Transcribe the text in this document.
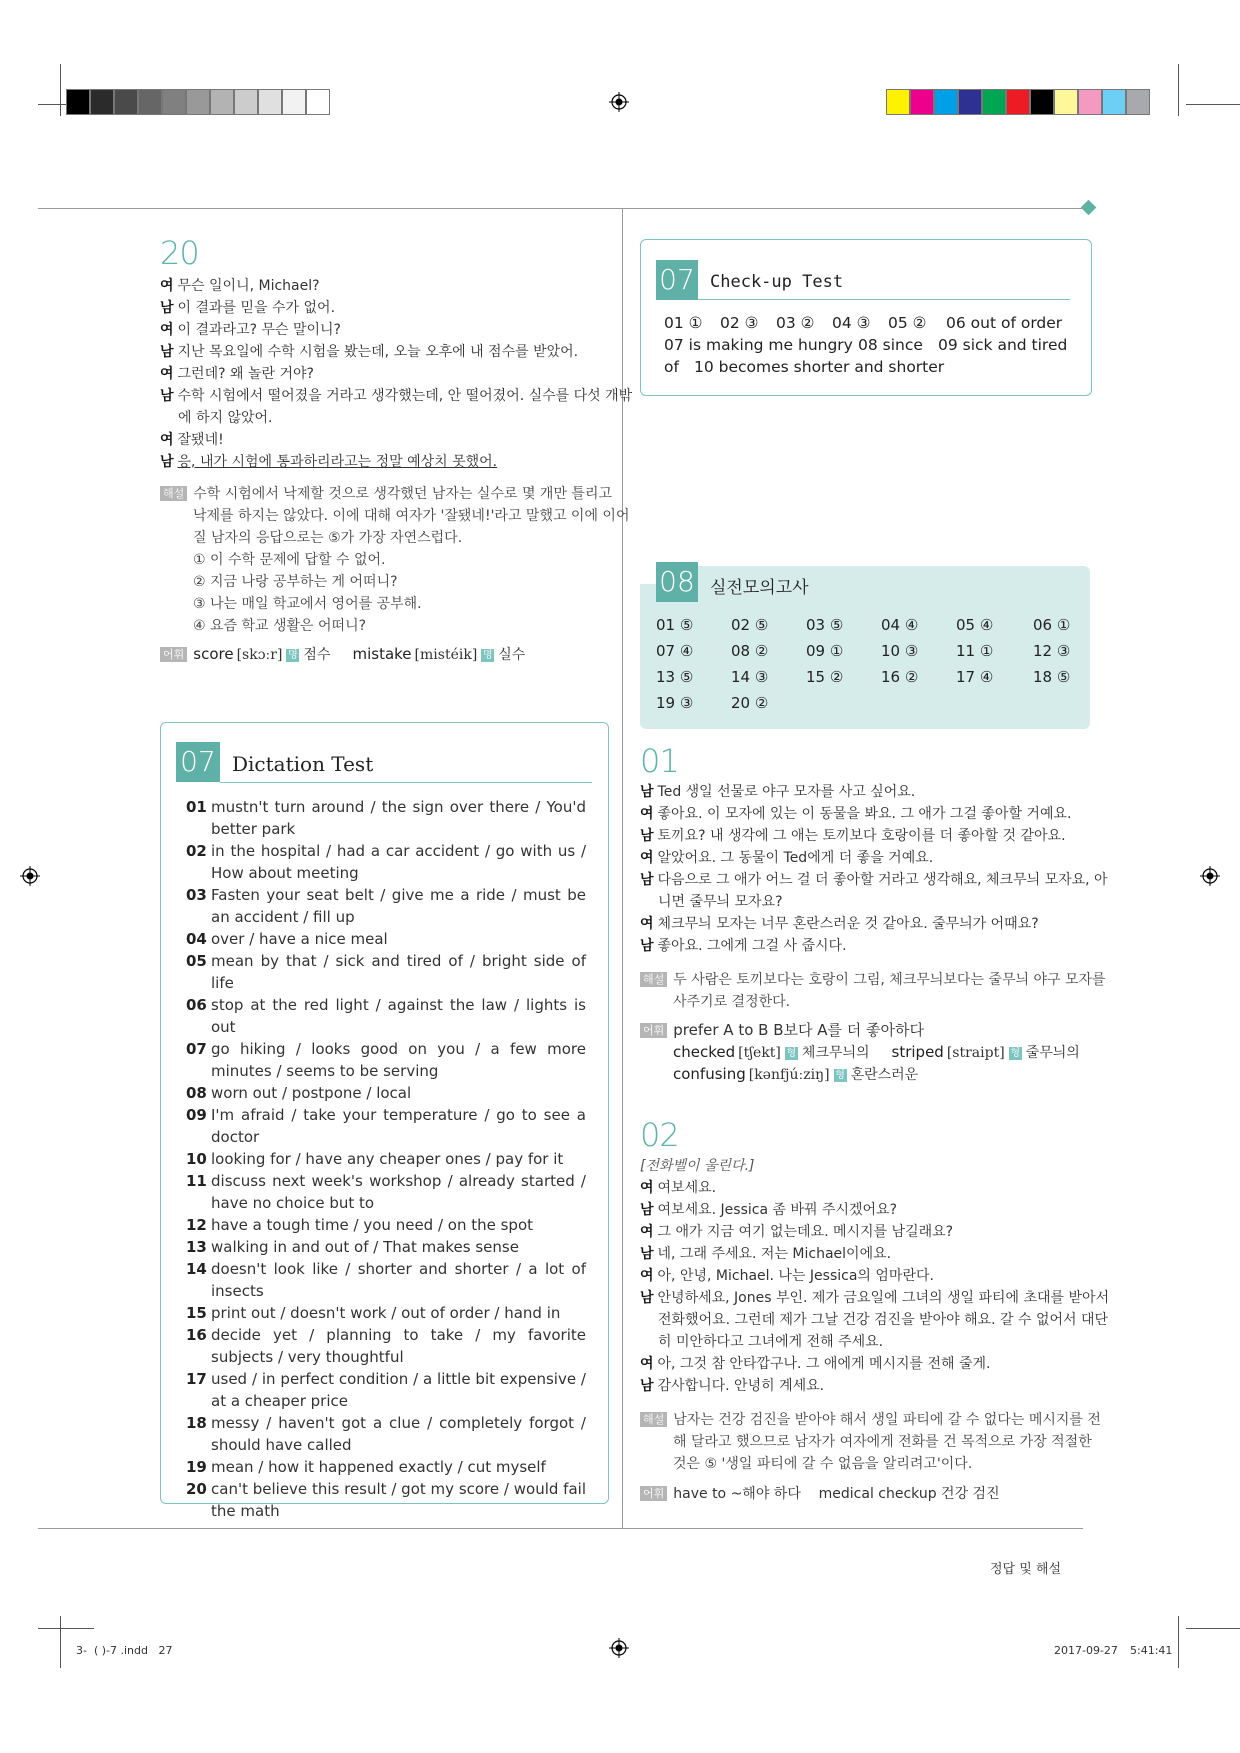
20
여 무슨 일이니, Michael?
남 이 결과를 믿을 수가 없어.
여 이 결과라고? 무슨 말이니?
남 지난 목요일에 수학 시험을 봤는데, 오늘 오후에 내 점수를 받았어.
여 그런데? 왜 놀란 거야?
남 수학 시험에서 떨어졌을 거라고 생각했는데, 안 떨어졌어. 실수를 다섯 개밖
에 하지 않았어.
여 잘됐네!
남 응, 내가 시험에 통과하리라고는 정말 예상치 못했어.
해설 수학 시험에서 낙제할 것으로 생각했던 남자는 실수로 몇 개만 틀리고
낙제를 하지는 않았다. 이에 대해 여자가 '잘됐네!'라고 말했고 이에 이어
질 남자의 응답으로는 ⑤가 가장 자연스럽다.
① 이 수학 문제에 답할 수 없어.
② 지금 나랑 공부하는 게 어떠니?
③ 나는 매일 학교에서 영어를 공부해.
④ 요즘 학교 생활은 어떠니?
어휘 score [skɔːr] 명 점수 mistake [mistéik] 명 실수
07 Dictation Test
01 mustn't turn around / the sign over there / You'd better park
02 in the hospital / had a car accident / go with us / How about meeting
03 Fasten your seat belt / give me a ride / must be an accident / fill up
04 over / have a nice meal
05 mean by that / sick and tired of / bright side of life
06 stop at the red light / against the law / lights is out
07 go hiking / looks good on you / a few more minutes / seems to be serving
08 worn out / postpone / local
09 I'm afraid / take your temperature / go to see a doctor
10 looking for / have any cheaper ones / pay for it
11 discuss next week's workshop / already started / have no choice but to
12 have a tough time / you need / on the spot
13 walking in and out of / That makes sense
14 doesn't look like / shorter and shorter / a lot of insects
15 print out / doesn't work / out of order / hand in
16 decide yet / planning to take / my favorite subjects / very thoughtful
17 used / in perfect condition / a little bit expensive / at a cheaper price
18 messy / haven't got a clue / completely forgot / should have called
19 mean / how it happened exactly / cut myself
20 can't believe this result / got my score / would fail the math
07 Check-up Test
01 ① 02 ③ 03 ② 04 ③ 05 ② 06 out of order
07 is making me hungry 08 since 09 sick and tired
of 10 becomes shorter and shorter
08 실전모의고사
01 ⑤	02 ⑤	03 ⑤	04 ④	05 ④	06 ①
07 ④	08 ②	09 ①	10 ③	11 ①	12 ③
13 ⑤	14 ③	15 ②	16 ②	17 ④	18 ⑤
19 ③	20 ②
01
남 Ted 생일 선물로 야구 모자를 사고 싶어요.
여 좋아요. 이 모자에 있는 이 동물을 봐요. 그 애가 그걸 좋아할 거예요.
남 토끼요? 내 생각에 그 애는 토끼보다 호랑이를 더 좋아할 것 같아요.
여 알았어요. 그 동물이 Ted에게 더 좋을 거예요.
남 다음으로 그 애가 어느 걸 더 좋아할 거라고 생각해요, 체크무늬 모자요, 아
니면 줄무늬 모자요?
여 체크무늬 모자는 너무 혼란스러운 것 같아요. 줄무늬가 어때요?
남 좋아요. 그에게 그걸 사 줍시다.
해설 두 사람은 토끼보다는 호랑이 그림, 체크무늬보다는 줄무늬 야구 모자를
사주기로 결정한다.
어휘 prefer A to B B보다 A를 더 좋아하다
checked [tʃekt] 형 체크무늬의 striped [straipt] 형 줄무늬의
confusing [kənfjúːziŋ] 형 혼란스러운
02
[전화벨이 울린다.]
여 여보세요.
남 여보세요. Jessica 좀 바꿔 주시겠어요?
여 그 애가 지금 여기 없는데요. 메시지를 남길래요?
남 네, 그래 주세요. 저는 Michael이에요.
여 아, 안녕, Michael. 나는 Jessica의 엄마란다.
남 안녕하세요, Jones 부인. 제가 금요일에 그녀의 생일 파티에 초대를 받아서
전화했어요. 그런데 제가 그날 건강 검진을 받아야 해요. 갈 수 없어서 대단
히 미안하다고 그녀에게 전해 주세요.
여 아, 그것 참 안타깝구나. 그 애에게 메시지를 전해 줄게.
남 감사합니다. 안녕히 계세요.
해설 남자는 건강 검진을 받아야 해서 생일 파티에 갈 수 없다는 메시지를 전
해 달라고 했으므로 남자가 여자에게 전화를 건 목적으로 가장 적절한
것은 ⑤ '생일 파티에 갈 수 없음을 알리려고'이다.
어휘 have to ~해야 하다    medical checkup 건강 검진
정답 및 해설
3-  ( )-7 .indd   27	2017-09-27 5:41:41
